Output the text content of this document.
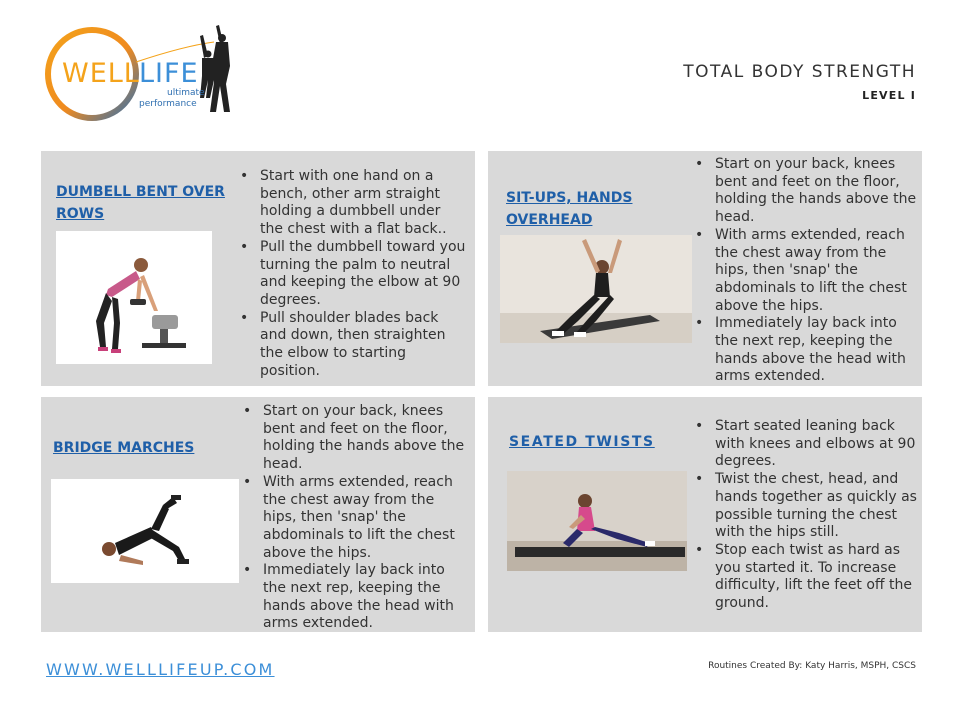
WELL LIFE
ultimate
performance
TOTAL BODY STRENGTH
LEVEL I
DUMBELL BENT OVER
ROWS
• Start with one hand on a bench, other arm straight holding a dumbbell under the chest with a flat back..
• Pull the dumbbell toward you turning the palm to neutral and keeping the elbow at 90 degrees.
• Pull shoulder blades back and down, then straighten the elbow to starting position.
SIT-UPS, HANDS
OVERHEAD
• Start on your back, knees bent and feet on the floor, holding the hands above the head.
• With arms extended, reach the chest away from the hips, then 'snap' the abdominals to lift the chest above the hips.
• Immediately lay back into the next rep, keeping the hands above the head with arms extended.
BRIDGE MARCHES
• Start on your back, knees bent and feet on the floor, holding the hands above the head.
• With arms extended, reach the chest away from the hips, then 'snap' the abdominals to lift the chest above the hips.
• Immediately lay back into the next rep, keeping the hands above the head with arms extended.
SEATED TWISTS
• Start seated leaning back with knees and elbows at 90 degrees.
• Twist the chest, head, and hands together as quickly as possible turning the chest with the hips still.
• Stop each twist as hard as you started it. To increase difficulty, lift the feet off the ground.
WWW.WELLLIFEUP.COM	Routines Created By: Katy Harris, MSPH, CSCS
